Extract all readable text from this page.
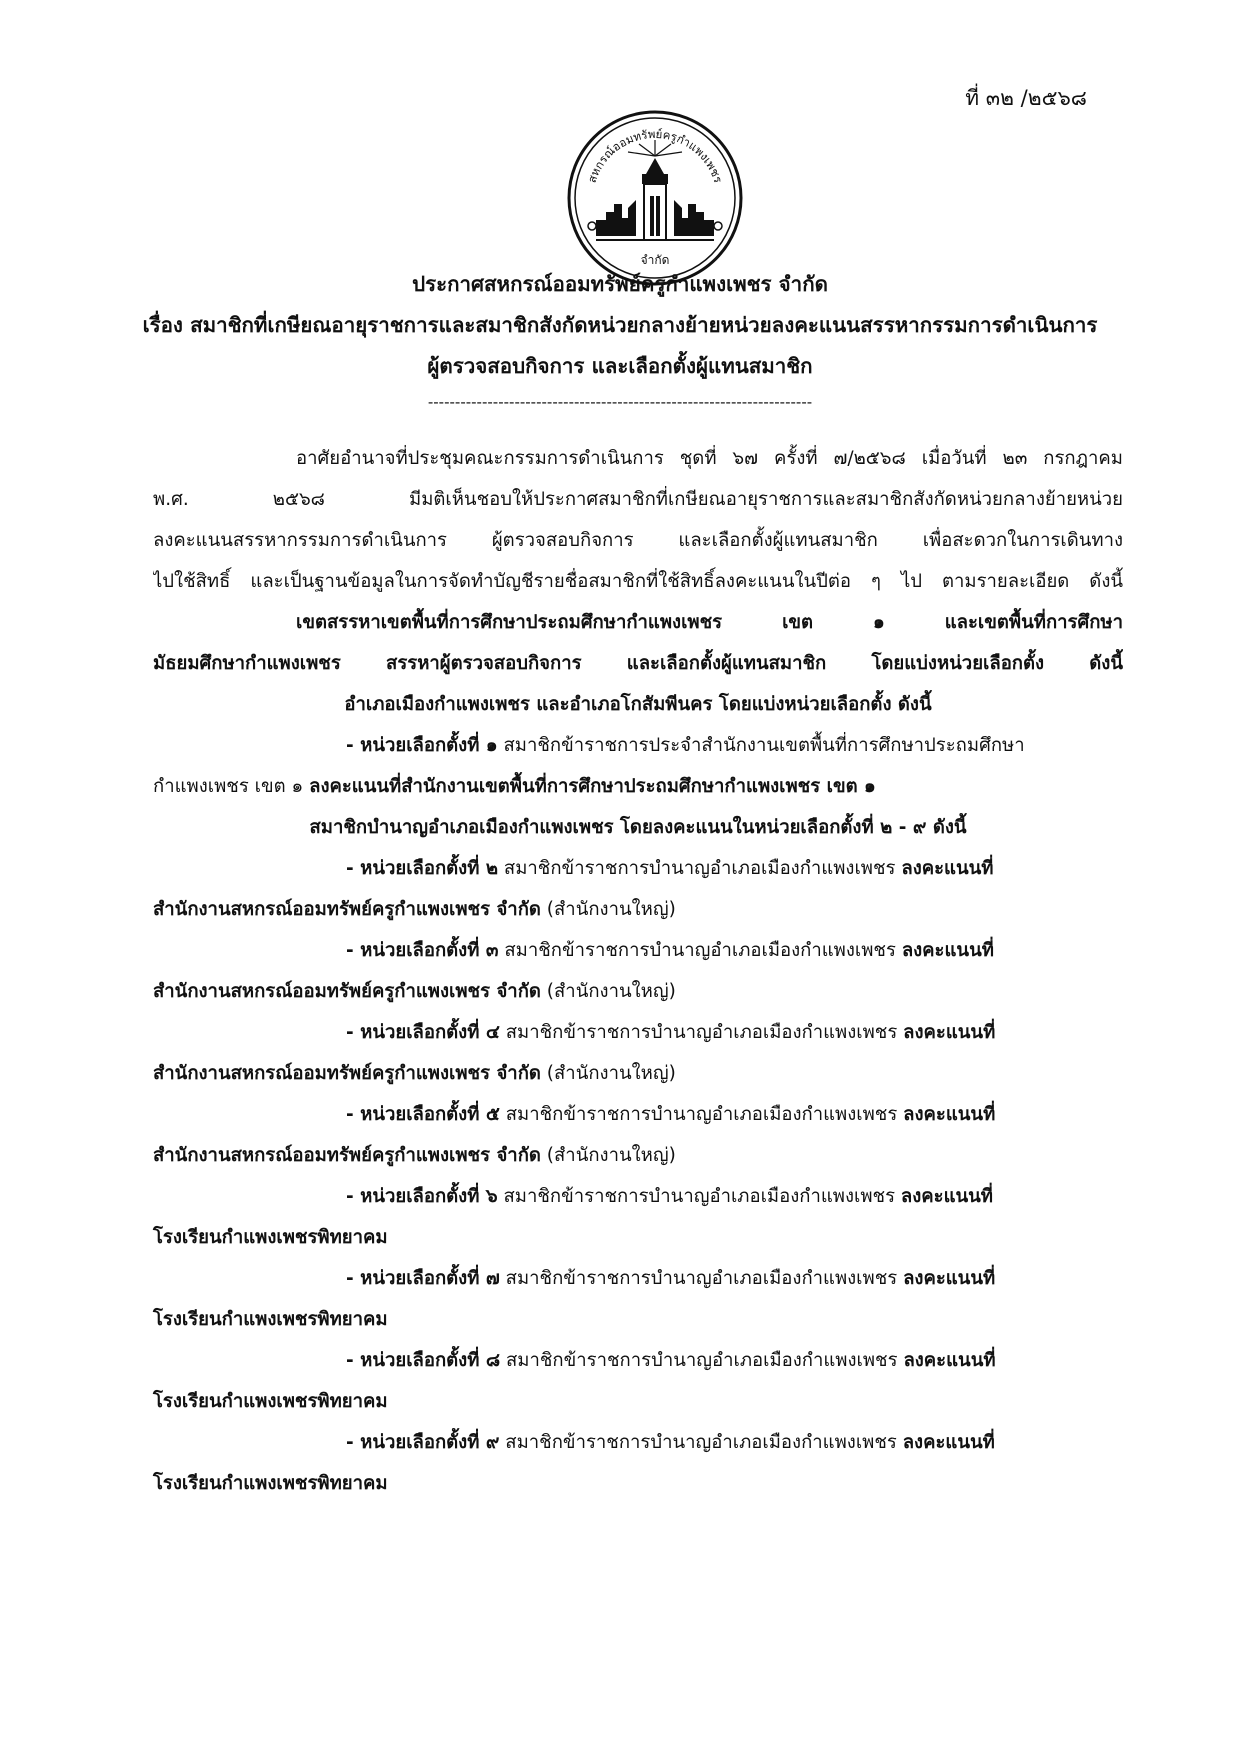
ที่ ๓๒ /๒๕๖๘
สหกรณ์ออมทรัพย์ครูกำแพงเพชร
จำกัด
ประกาศสหกรณ์ออมทรัพย์ครูกำแพงเพชร จำกัด
เรื่อง สมาชิกที่เกษียณอายุราชการและสมาชิกสังกัดหน่วยกลางย้ายหน่วยลงคะแนนสรรหากรรมการดำเนินการ
ผู้ตรวจสอบกิจการ และเลือกตั้งผู้แทนสมาชิก
-----------------------------------------------------------------------
อาศัยอำนาจที่ประชุมคณะกรรมการดำเนินการ ชุดที่ ๖๗ ครั้งที่ ๗/๒๕๖๘ เมื่อวันที่ ๒๓ กรกฎาคม
พ.ศ. ๒๕๖๘ มีมติเห็นชอบให้ประกาศสมาชิกที่เกษียณอายุราชการและสมาชิกสังกัดหน่วยกลางย้ายหน่วย
ลงคะแนนสรรหากรรมการดำเนินการ ผู้ตรวจสอบกิจการ และเลือกตั้งผู้แทนสมาชิก เพื่อสะดวกในการเดินทาง
ไปใช้สิทธิ์ และเป็นฐานข้อมูลในการจัดทำบัญชีรายชื่อสมาชิกที่ใช้สิทธิ์ลงคะแนนในปีต่อ ๆ ไป ตามรายละเอียด ดังนี้
เขตสรรหาเขตพื้นที่การศึกษาประถมศึกษากำแพงเพชร เขต ๑ และเขตพื้นที่การศึกษา
มัธยมศึกษากำแพงเพชร สรรหาผู้ตรวจสอบกิจการ และเลือกตั้งผู้แทนสมาชิก โดยแบ่งหน่วยเลือกตั้ง ดังนี้
อำเภอเมืองกำแพงเพชร และอำเภอโกสัมพีนคร โดยแบ่งหน่วยเลือกตั้ง ดังนี้
- หน่วยเลือกตั้งที่ ๑ สมาชิกข้าราชการประจำสำนักงานเขตพื้นที่การศึกษาประถมศึกษา
กำแพงเพชร เขต ๑ ลงคะแนนที่สำนักงานเขตพื้นที่การศึกษาประถมศึกษากำแพงเพชร เขต ๑
สมาชิกบำนาญอำเภอเมืองกำแพงเพชร โดยลงคะแนนในหน่วยเลือกตั้งที่ ๒ - ๙ ดังนี้
- หน่วยเลือกตั้งที่ ๒ สมาชิกข้าราชการบำนาญอำเภอเมืองกำแพงเพชร ลงคะแนนที่
สำนักงานสหกรณ์ออมทรัพย์ครูกำแพงเพชร จำกัด (สำนักงานใหญ่)
- หน่วยเลือกตั้งที่ ๓ สมาชิกข้าราชการบำนาญอำเภอเมืองกำแพงเพชร ลงคะแนนที่
สำนักงานสหกรณ์ออมทรัพย์ครูกำแพงเพชร จำกัด (สำนักงานใหญ่)
- หน่วยเลือกตั้งที่ ๔ สมาชิกข้าราชการบำนาญอำเภอเมืองกำแพงเพชร ลงคะแนนที่
สำนักงานสหกรณ์ออมทรัพย์ครูกำแพงเพชร จำกัด (สำนักงานใหญ่)
- หน่วยเลือกตั้งที่ ๕ สมาชิกข้าราชการบำนาญอำเภอเมืองกำแพงเพชร ลงคะแนนที่
สำนักงานสหกรณ์ออมทรัพย์ครูกำแพงเพชร จำกัด (สำนักงานใหญ่)
- หน่วยเลือกตั้งที่ ๖ สมาชิกข้าราชการบำนาญอำเภอเมืองกำแพงเพชร ลงคะแนนที่
โรงเรียนกำแพงเพชรพิทยาคม
- หน่วยเลือกตั้งที่ ๗ สมาชิกข้าราชการบำนาญอำเภอเมืองกำแพงเพชร ลงคะแนนที่
โรงเรียนกำแพงเพชรพิทยาคม
- หน่วยเลือกตั้งที่ ๘ สมาชิกข้าราชการบำนาญอำเภอเมืองกำแพงเพชร ลงคะแนนที่
โรงเรียนกำแพงเพชรพิทยาคม
- หน่วยเลือกตั้งที่ ๙ สมาชิกข้าราชการบำนาญอำเภอเมืองกำแพงเพชร ลงคะแนนที่
โรงเรียนกำแพงเพชรพิทยาคม
